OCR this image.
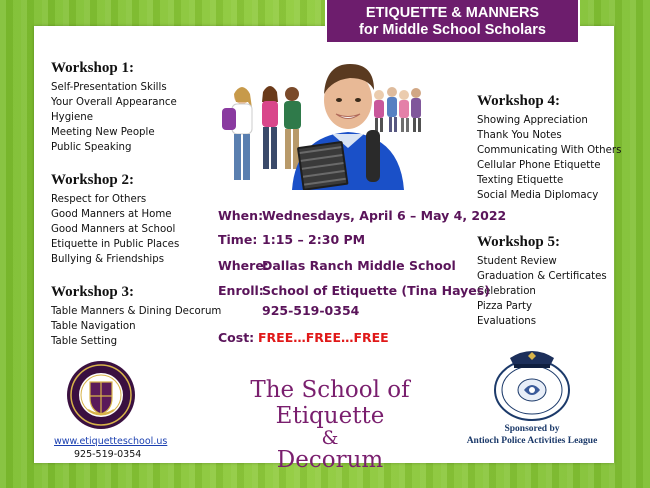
ETIQUETTE & MANNERS
for Middle School Scholars
Workshop 1:
Self-Presentation Skills
Your Overall Appearance
Hygiene
Meeting New People
Public Speaking
Workshop 2:
Respect for Others
Good Manners at Home
Good Manners at School
Etiquette in Public Places
Bullying & Friendships
Workshop 3:
Table Manners & Dining Decorum
Table Navigation
Table Setting
Workshop 4:
Showing Appreciation
Thank You Notes
Communicating With Others
Cellular Phone Etiquette
Texting Etiquette
Social Media Diplomacy
Workshop 5:
Student Review
Graduation & Certificates
Celebration
Pizza Party
Evaluations
When:
Wednesdays, April 6 – May 4, 2022
Time: 1:15 – 2:30 PM
Where:
Dallas Ranch Middle School
Enroll:
School of Etiquette (Tina Hayes)
925-519-0354
Cost: FREE…FREE…FREE
The School of Etiquette
&
Decorum
www.etiquetteschool.us
925-519-0354
Sponsored by
Antioch Police Activities League
